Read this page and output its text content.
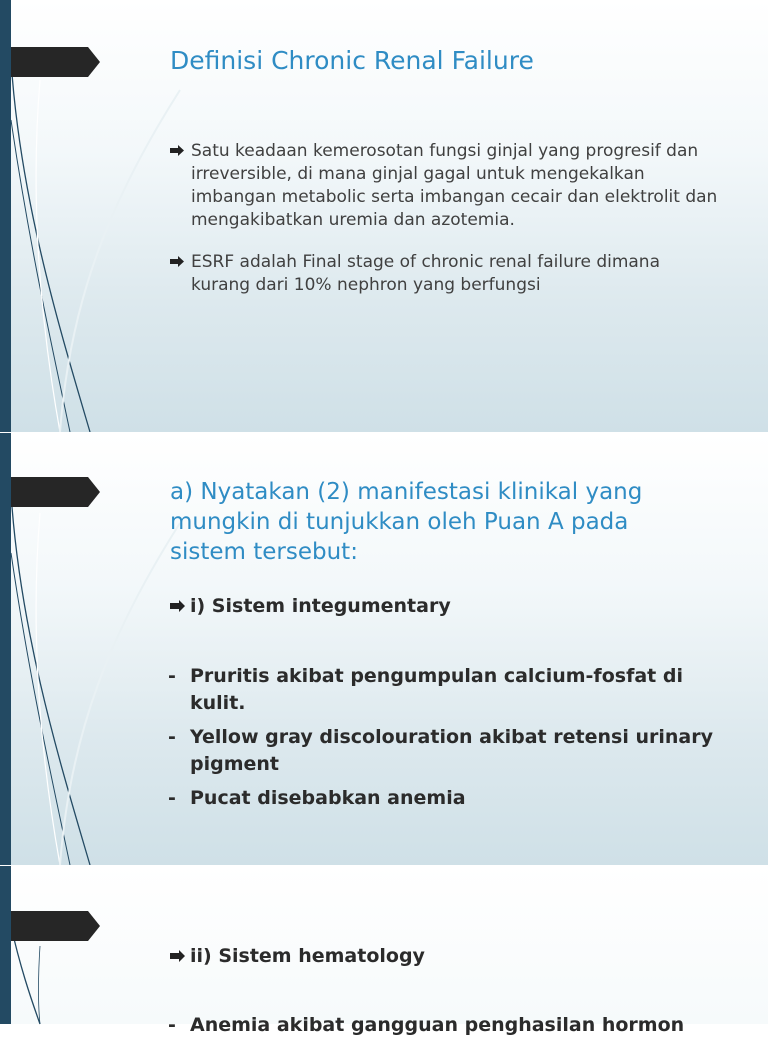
Definisi Chronic Renal Failure
Satu keadaan kemerosotan fungsi ginjal yang progresif dan irreversible, di mana ginjal gagal untuk mengekalkan imbangan metabolic serta imbangan cecair dan elektrolit dan mengakibatkan uremia dan azotemia.
ESRF adalah Final stage of chronic renal failure dimana kurang dari 10% nephron yang berfungsi
a) Nyatakan (2) manifestasi klinikal yang mungkin di tunjukkan oleh Puan A pada sistem tersebut:
i) Sistem integumentary
- Pruritis akibat pengumpulan calcium-fosfat di kulit.
- Yellow gray discolouration akibat retensi urinary pigment
- Pucat disebabkan anemia
ii) Sistem hematology
- Anemia akibat gangguan penghasilan hormon
